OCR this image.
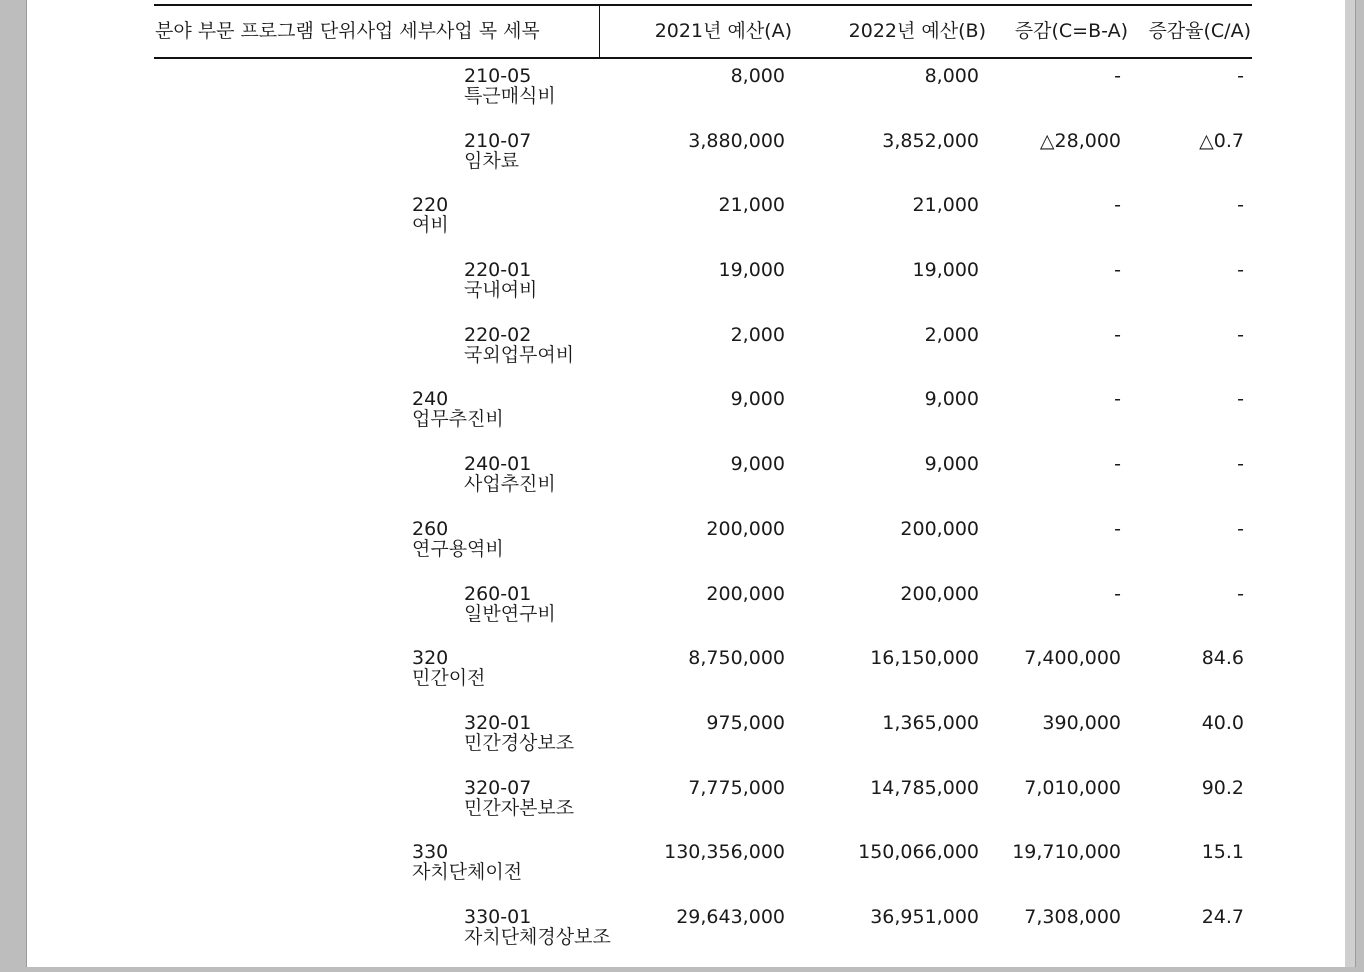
분야 부문 프로그램 단위사업 세부사업 목 세목	2021년 예산(A)	2022년 예산(B)	증감(C=B-A)	증감율(C/A)
210-05
특근매식비
8,000	8,000	-	-
210-07
임차료
3,880,000	3,852,000	△28,000	△0.7
220
여비
21,000	21,000	-	-
220-01
국내여비
19,000	19,000	-	-
220-02
국외업무여비
2,000	2,000	-	-
240
업무추진비
9,000	9,000	-	-
240-01
사업추진비
9,000	9,000	-	-
260
연구용역비
200,000	200,000	-	-
260-01
일반연구비
200,000	200,000	-	-
320
민간이전
8,750,000	16,150,000	7,400,000	84.6
320-01
민간경상보조
975,000	1,365,000	390,000	40.0
320-07
민간자본보조
7,775,000	14,785,000	7,010,000	90.2
330
자치단체이전
130,356,000	150,066,000	19,710,000	15.1
330-01
자치단체경상보조
29,643,000	36,951,000	7,308,000	24.7
